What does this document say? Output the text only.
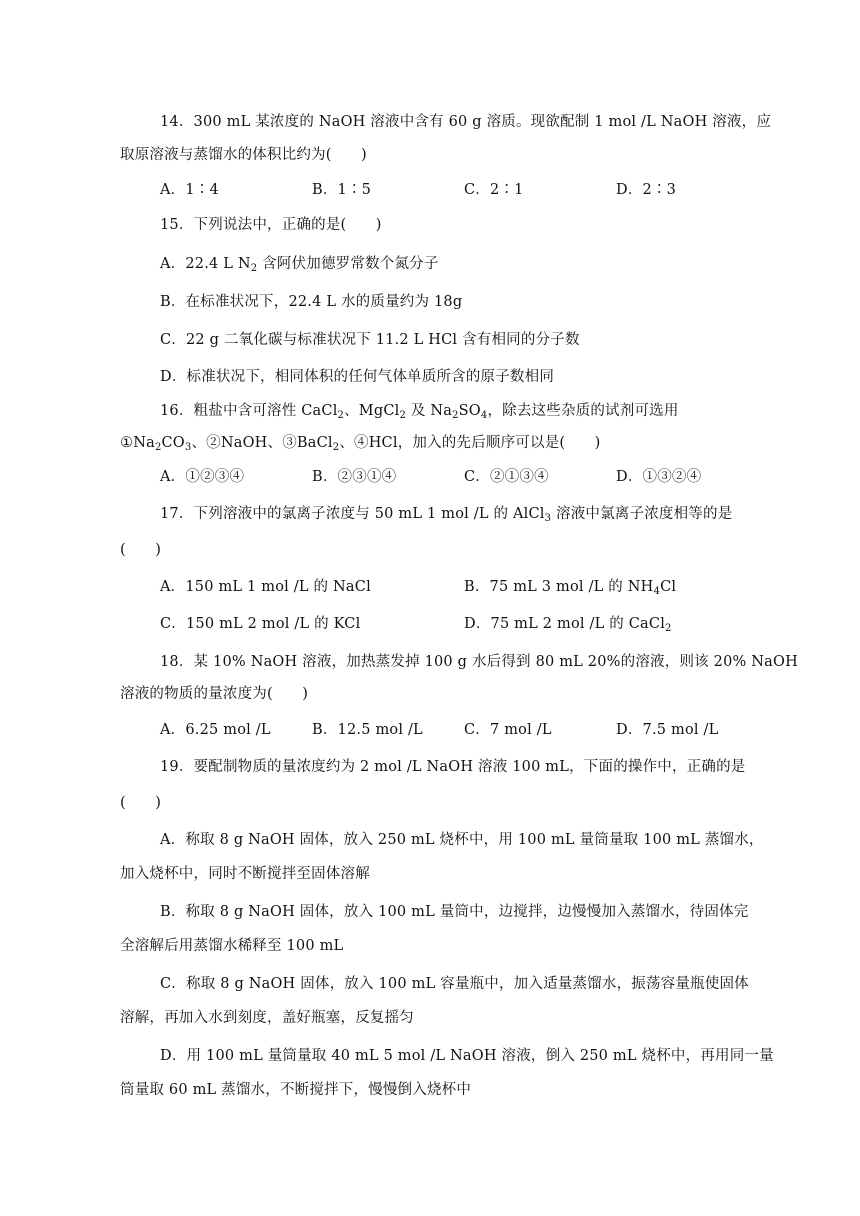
14．300 mL 某浓度的 NaOH 溶液中含有 60 g 溶质。现欲配制 1 mol /L NaOH 溶液，应
取原溶液与蒸馏水的体积比约为(　　)
A．1∶4	B．1∶5	C．2∶1	D．2∶3
15．下列说法中，正确的是(　　)
A．22.4 L $N_2$ 含阿伏加德罗常数个氮分子
B．在标准状况下，22.4 L 水的质量约为 18g
C．22 g 二氧化碳与标准状况下 11.2 L HCl 含有相同的分子数
D．标准状况下，相同体积的任何气体单质所含的原子数相同
16．粗盐中含可溶性 CaCl$_2$、MgCl$_2$ 及 $Na_2SO_4$，除去这些杂质的试剂可选用
$①Na_2CO_3$、②NaOH、③BaCl$_2$、④HCl，加入的先后顺序可以是(　　)
A．①②③④	B．②③①④	C．②①③④	D．①③②④
17．下列溶液中的氯离子浓度与 50 mL 1 mol /L 的 AlCl$_3$ 溶液中氯离子浓度相等的是
(　　)
A．150 mL 1 mol /L 的 NaCl	B．75 mL 3 mol /L 的 $NH_4Cl$
C．150 mL 2 mol /L 的 KCl	D．75 mL 2 mol /L 的 CaCl$_2$
18．某 10% NaOH 溶液，加热蒸发掉 100 g 水后得到 80 mL 20%的溶液，则该 20% NaOH
溶液的物质的量浓度为(　　)
A．6.25 mol /L	B．12.5 mol /L	C．7 mol /L	D．7.5 mol /L
19．要配制物质的量浓度约为 2 mol /L NaOH 溶液 100 mL，下面的操作中，正确的是
(　　)
A．称取 8 g NaOH 固体，放入 250 mL 烧杯中，用 100 mL 量筒量取 100 mL 蒸馏水，
加入烧杯中，同时不断搅拌至固体溶解
B．称取 8 g NaOH 固体，放入 100 mL 量筒中，边搅拌，边慢慢加入蒸馏水，待固体完
全溶解后用蒸馏水稀释至 100 mL
C．称取 8 g NaOH 固体，放入 100 mL 容量瓶中，加入适量蒸馏水，振荡容量瓶使固体
溶解，再加入水到刻度，盖好瓶塞，反复摇匀
D．用 100 mL 量筒量取 40 mL 5 mol /L NaOH 溶液，倒入 250 mL 烧杯中，再用同一量
筒量取 60 mL 蒸馏水，不断搅拌下，慢慢倒入烧杯中
